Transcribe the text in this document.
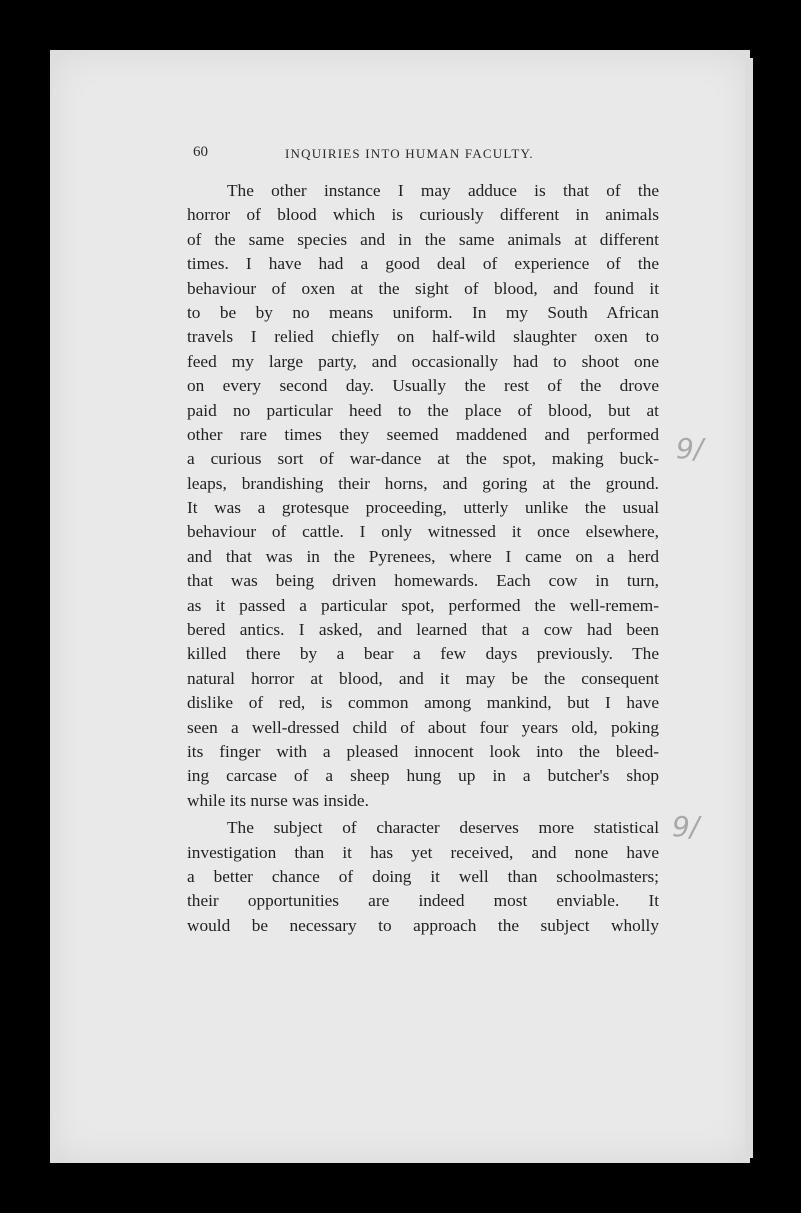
60	INQUIRIES INTO HUMAN FACULTY.
The other instance I may adduce is that of the
horror of blood which is curiously different in animals
of the same species and in the same animals at different
times. I have had a good deal of experience of the
behaviour of oxen at the sight of blood, and found it
to be by no means uniform. In my South African
travels I relied chiefly on half-wild slaughter oxen to
feed my large party, and occasionally had to shoot one
on every second day. Usually the rest of the drove
paid no particular heed to the place of blood, but at
other rare times they seemed maddened and performed
a curious sort of war-dance at the spot, making buck-
leaps, brandishing their horns, and goring at the ground.
It was a grotesque proceeding, utterly unlike the usual
behaviour of cattle. I only witnessed it once elsewhere,
and that was in the Pyrenees, where I came on a herd
that was being driven homewards. Each cow in turn,
as it passed a particular spot, performed the well-remem-
bered antics. I asked, and learned that a cow had been
killed there by a bear a few days previously. The
natural horror at blood, and it may be the consequent
dislike of red, is common among mankind, but I have
seen a well-dressed child of about four years old, poking
its finger with a pleased innocent look into the bleed-
ing carcase of a sheep hung up in a butcher's shop
while its nurse was inside.
The subject of character deserves more statistical
investigation than it has yet received, and none have
a better chance of doing it well than schoolmasters;
their opportunities are indeed most enviable. It
would be necessary to approach the subject wholly
9/
9/
